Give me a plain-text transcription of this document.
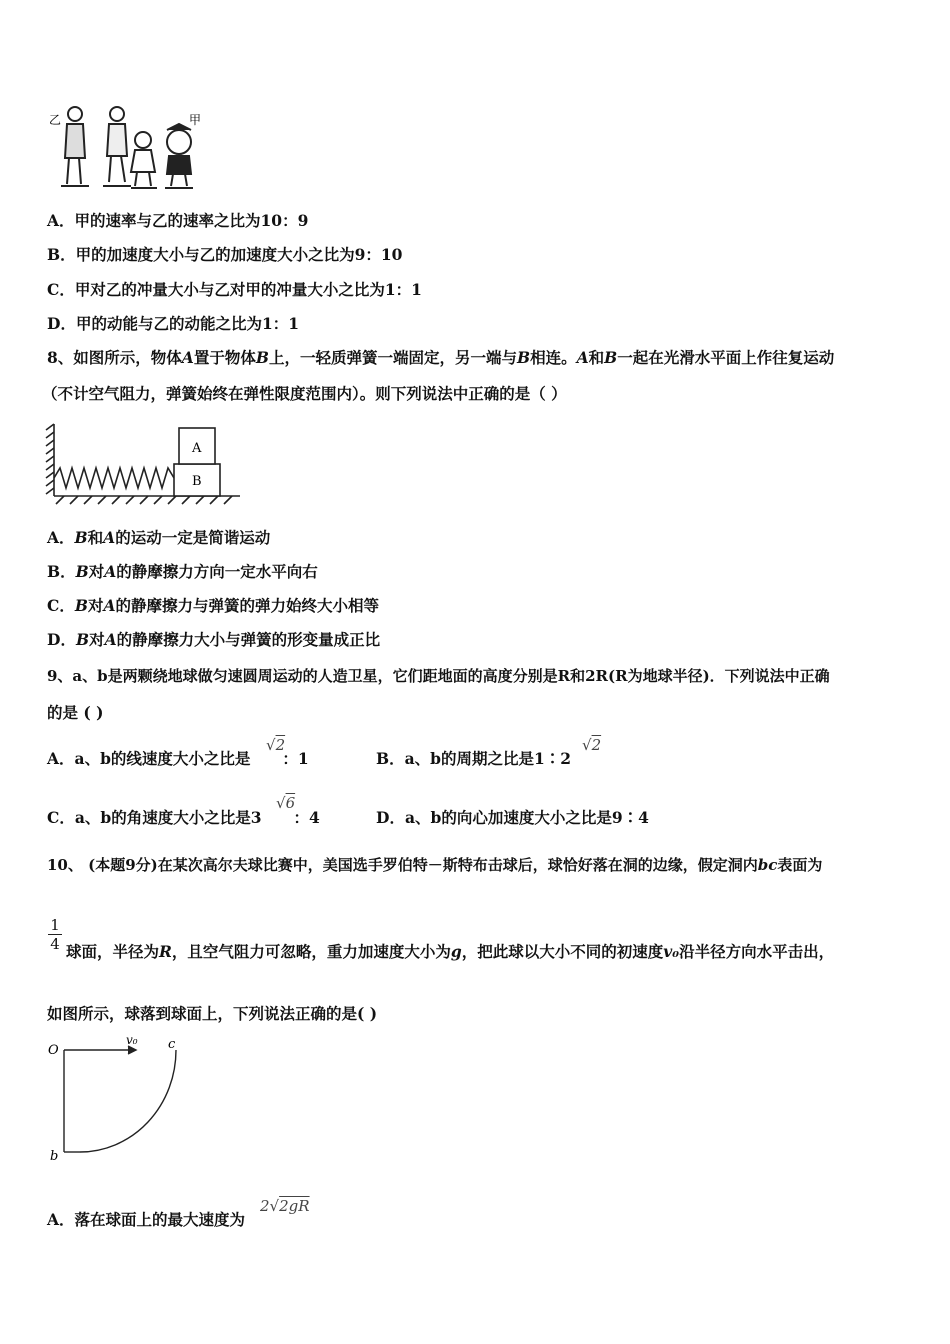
乙	甲
A．甲的速率与乙的速率之比为10：9
B．甲的加速度大小与乙的加速度大小之比为9：10
C．甲对乙的冲量大小与乙对甲的冲量大小之比为1：1
D．甲的动能与乙的动能之比为1：1
8、如图所示，物体A置于物体B上，一轻质弹簧一端固定，另一端与B相连。A和B一起在光滑水平面上作往复运动
（不计空气阻力，弹簧始终在弹性限度范围内）。则下列说法中正确的是（ ）
A
B
A．B和A的运动一定是简谐运动
B．B对A的静摩擦力方向一定水平向右
C．B对A的静摩擦力与弹簧的弹力始终大小相等
D．B对A的静摩擦力大小与弹簧的形变量成正比
9、a、b是两颗绕地球做匀速圆周运动的人造卫星，它们距地面的高度分别是R和2R(R为地球半径)．下列说法中正确
的是 ( )
A．a、b的线速度大小之比是 ：1
√2
B．a、b的周期之比是1∶2
√2
C．a、b的角速度大小之比是3 ：4
√6
D．a、b的向心加速度大小之比是9∶4
10、 (本题9分)在某次高尔夫球比赛中，美国选手罗伯特－斯特布击球后，球恰好落在洞的边缘，假定洞内bc表面为
$\frac{1}{4}$ 球面，半径为R，且空气阻力可忽略，重力加速度大小为g，把此球以大小不同的初速度v₀沿半径方向水平击出，
如图所示，球落到球面上，下列说法正确的是( )
O
v₀ c
b
A．落在球面上的最大速度为
2√2gR
